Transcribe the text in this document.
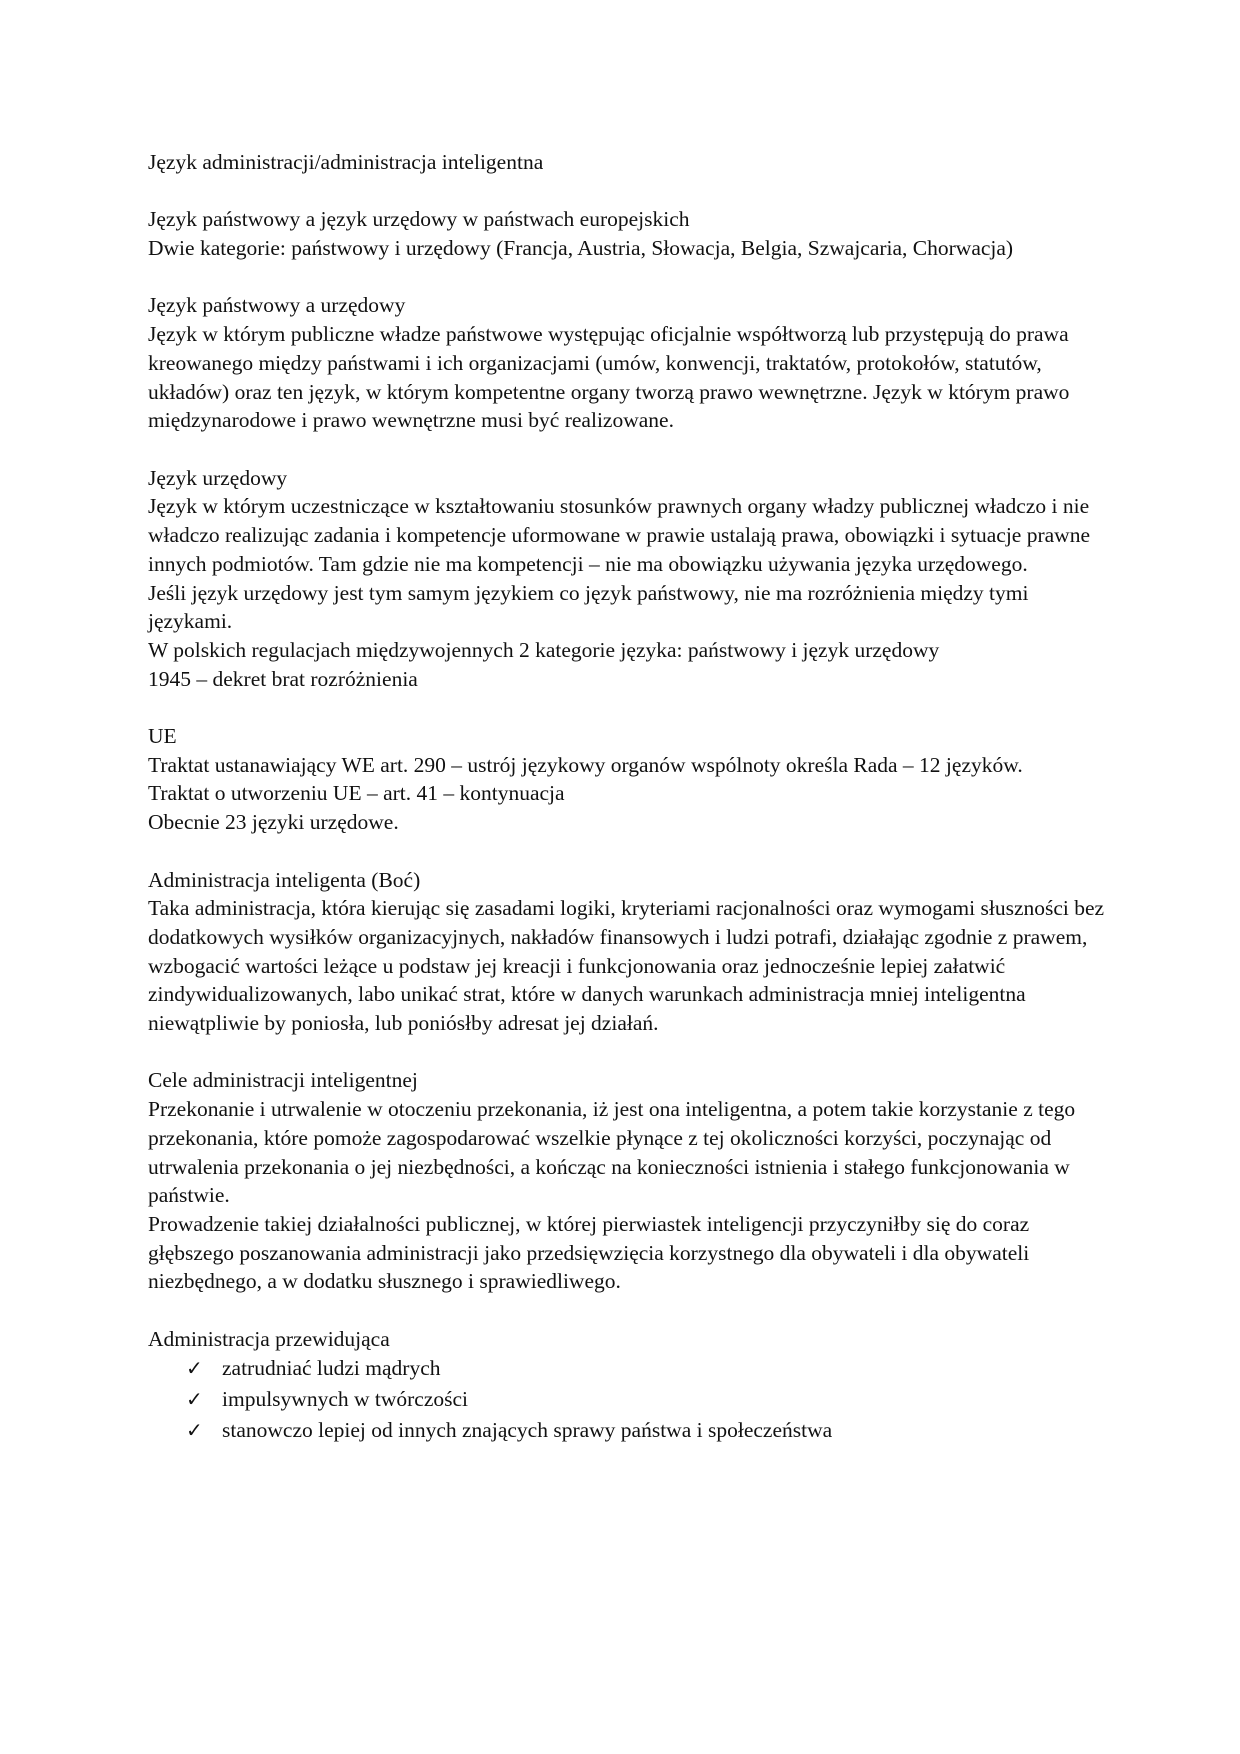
Język administracji/administracja inteligentna

Język państwowy a język urzędowy w państwach europejskich

Dwie kategorie: państwowy i urzędowy (Francja, Austria, Słowacja, Belgia, Szwajcaria, Chorwacja)

Język państwowy a urzędowy

Język w którym publiczne władze państwowe występując oficjalnie współtworzą lub przystępują do prawa kreowanego między państwami i ich organizacjami (umów, konwencji, traktatów, protokołów, statutów, układów) oraz ten język, w którym kompetentne organy tworzą prawo wewnętrzne. Język w którym prawo międzynarodowe i prawo wewnętrzne musi być realizowane.

Język urzędowy

Język w którym uczestniczące w kształtowaniu stosunków prawnych organy władzy publicznej władczo i nie władczo realizując zadania i kompetencje uformowane w prawie ustalają prawa, obowiązki i sytuacje prawne innych podmiotów. Tam gdzie nie ma kompetencji – nie ma obowiązku używania języka urzędowego.

Jeśli język urzędowy jest tym samym językiem co język państwowy, nie ma rozróżnienia między tymi językami.

W polskich regulacjach międzywojennych 2 kategorie języka: państwowy i język urzędowy

1945 – dekret brat rozróżnienia

UE

Traktat ustanawiający WE art. 290 – ustrój językowy organów wspólnoty określa Rada – 12 języków.

Traktat o utworzeniu UE – art. 41 – kontynuacja

Obecnie 23 języki urzędowe.

Administracja inteligenta (Boć)

Taka administracja, która kierując się zasadami logiki, kryteriami racjonalności oraz wymogami słuszności bez dodatkowych wysiłków organizacyjnych, nakładów finansowych i ludzi potrafi, działając zgodnie z prawem, wzbogacić wartości leżące u podstaw jej kreacji i funkcjonowania oraz jednocześnie lepiej załatwić zindywidualizowanych, labo unikać strat, które w danych warunkach administracja mniej inteligentna niewątpliwie by poniosła, lub poniósłby adresat jej działań.

Cele administracji inteligentnej

Przekonanie i utrwalenie w otoczeniu przekonania, iż jest ona inteligentna, a potem takie korzystanie z tego przekonania, które pomoże zagospodarować wszelkie płynące z tej okoliczności korzyści, poczynając od utrwalenia przekonania o jej niezbędności, a kończąc na konieczności istnienia i stałego funkcjonowania w państwie.

Prowadzenie takiej działalności publicznej, w której pierwiastek inteligencji przyczyniłby się do coraz głębszego poszanowania administracji jako przedsięwzięcia korzystnego dla obywateli i dla obywateli niezbędnego, a w dodatku słusznego i sprawiedliwego.

Administracja przewidująca

✓ zatrudniać ludzi mądrych
✓ impulsywnych w twórczości
✓ stanowczo lepiej od innych znających sprawy państwa i społeczeństwa
